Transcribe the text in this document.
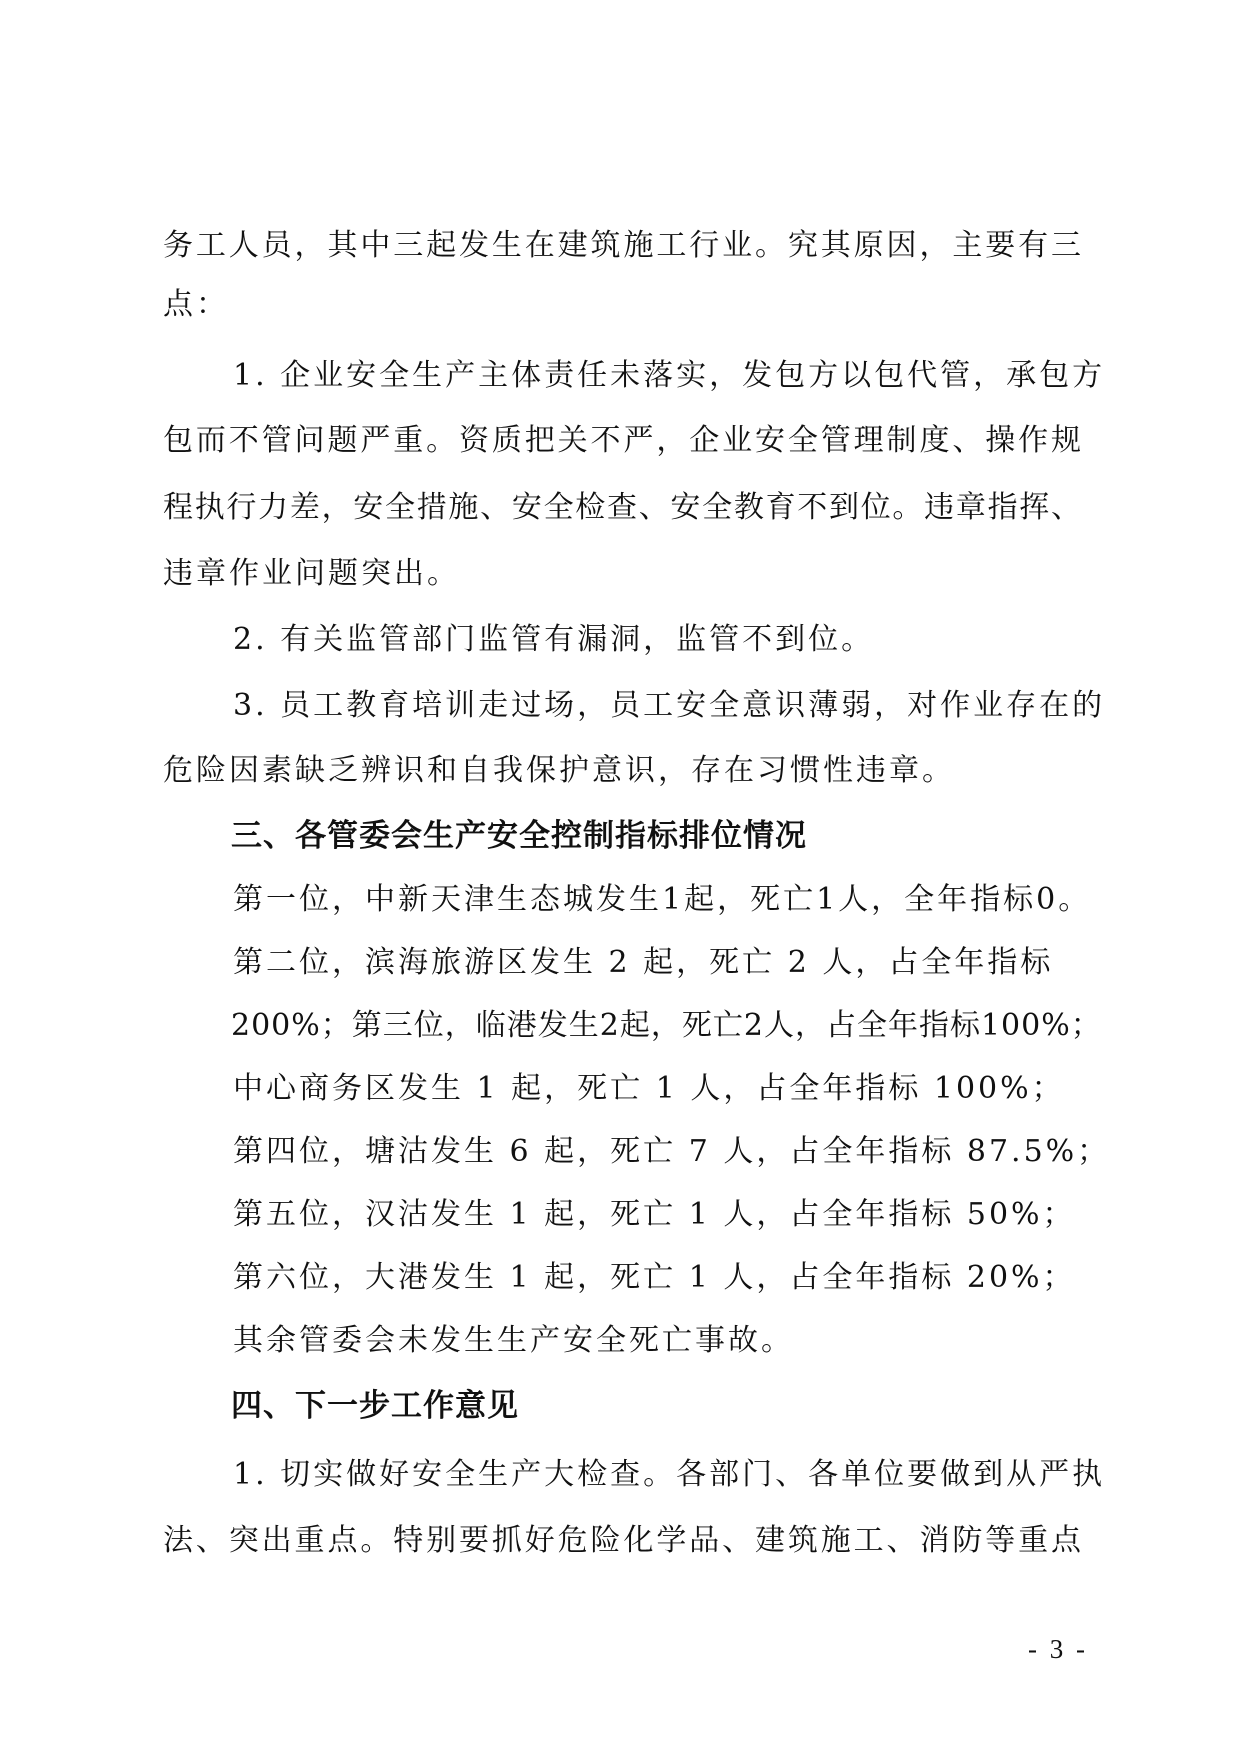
务工人员，其中三起发生在建筑施工行业。究其原因，主要有三

点：

1. 企业安全生产主体责任未落实，发包方以包代管，承包方

包而不管问题严重。资质把关不严，企业安全管理制度、操作规

程执行力差，安全措施、安全检查、安全教育不到位。违章指挥、

违章作业问题突出。

2. 有关监管部门监管有漏洞，监管不到位。

3. 员工教育培训走过场，员工安全意识薄弱，对作业存在的

危险因素缺乏辨识和自我保护意识，存在习惯性违章。

三、各管委会生产安全控制指标排位情况

第一位，中新天津生态城发生1起，死亡1人，全年指标0。

第二位，滨海旅游区发生 2 起，死亡 2 人，占全年指标

200%；第三位，临港发生2起，死亡2人，占全年指标100%；

中心商务区发生 1 起，死亡 1 人，占全年指标 100%；

第四位，塘沽发生 6 起，死亡 7 人，占全年指标 87.5%；

第五位，汉沽发生 1 起，死亡 1 人，占全年指标 50%；

第六位，大港发生 1 起，死亡 1 人，占全年指标 20%；

其余管委会未发生生产安全死亡事故。

四、下一步工作意见

1. 切实做好安全生产大检查。各部门、各单位要做到从严执

法、突出重点。特别要抓好危险化学品、建筑施工、消防等重点

- 3 -
